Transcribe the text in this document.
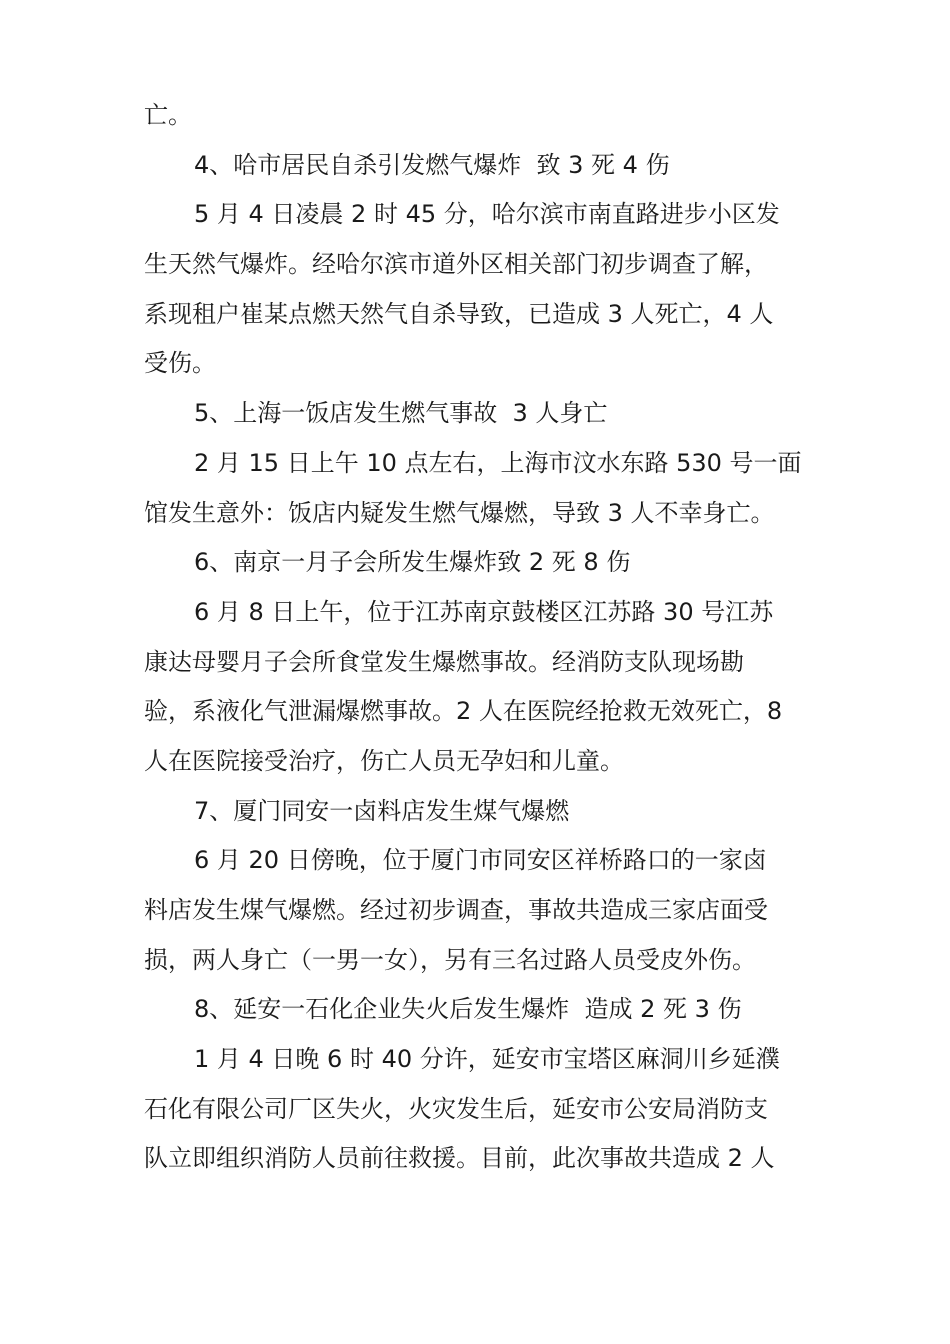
亡。
4、哈市居民自杀引发燃气爆炸  致 3 死 4 伤
5 月 4 日凌晨 2 时 45 分，哈尔滨市南直路进步小区发
生天然气爆炸。经哈尔滨市道外区相关部门初步调查了解，
系现租户崔某点燃天然气自杀导致，已造成 3 人死亡，4 人
受伤。
5、上海一饭店发生燃气事故  3 人身亡
2 月 15 日上午 10 点左右，上海市汶水东路 530 号一面
馆发生意外：饭店内疑发生燃气爆燃，导致 3 人不幸身亡。
6、南京一月子会所发生爆炸致 2 死 8 伤
6 月 8 日上午，位于江苏南京鼓楼区江苏路 30 号江苏
康达母婴月子会所食堂发生爆燃事故。经消防支队现场勘
验，系液化气泄漏爆燃事故。2 人在医院经抢救无效死亡，8
人在医院接受治疗，伤亡人员无孕妇和儿童。
7、厦门同安一卤料店发生煤气爆燃
6 月 20 日傍晚，位于厦门市同安区祥桥路口的一家卤
料店发生煤气爆燃。经过初步调查，事故共造成三家店面受
损，两人身亡（一男一女），另有三名过路人员受皮外伤。
8、延安一石化企业失火后发生爆炸  造成 2 死 3 伤
1 月 4 日晚 6 时 40 分许，延安市宝塔区麻洞川乡延濮
石化有限公司厂区失火，火灾发生后，延安市公安局消防支
队立即组织消防人员前往救援。目前，此次事故共造成 2 人
